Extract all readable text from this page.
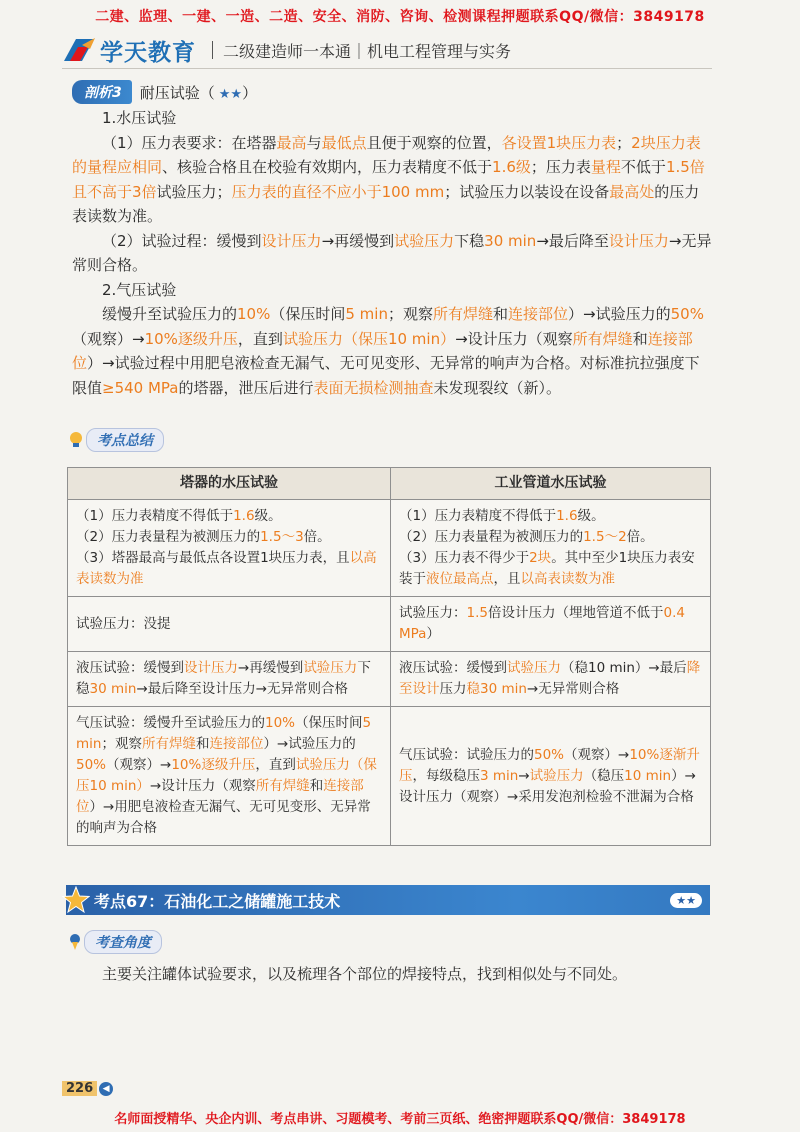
二建、监理、一建、一造、二造、安全、消防、咨询、检测课程押题联系QQ/微信：3849178
学天教育 二级建造师一本通｜机电工程管理与实务
剖析3	耐压试验（ ★★）

1.水压试验

（1）压力表要求：在塔器最高与最低点且便于观察的位置，各设置1块压力表；2块压力表的量程应相同、核验合格且在校验有效期内，压力表精度不低于1.6级；压力表量程不低于1.5倍且不高于3倍试验压力；压力表的直径不应小于100 mm；试验压力以装设在设备最高处的压力表读数为准。

（2）试验过程：缓慢到设计压力→再缓慢到试验压力下稳30 min→最后降至设计压力→无异常则合格。

2.气压试验

缓慢升至试验压力的10%（保压时间5 min；观察所有焊缝和连接部位）→试验压力的50%（观察）→10%逐级升压，直到试验压力（保压10 min）→设计压力（观察所有焊缝和连接部位）→试验过程中用肥皂液检查无漏气、无可见变形、无异常的响声为合格。对标准抗拉强度下限值≥540 MPa的塔器，泄压后进行表面无损检测抽查未发现裂纹（新）。

考点总结
塔器的水压试验	工业管道水压试验
（1）压力表精度不得低于1.6级。
（2）压力表量程为被测压力的1.5～3倍。
（3）塔器最高与最低点各设置1块压力表，且以高表读数为准	（1）压力表精度不得低于1.6级。
（2）压力表量程为被测压力的1.5～2倍。
（3）压力表不得少于2块。其中至少1块压力表安装于液位最高点，且以高表读数为准
试验压力：没提	试验压力：1.5倍设计压力（埋地管道不低于0.4 MPa）
液压试验：缓慢到设计压力→再缓慢到试验压力下稳30 min→最后降至设计压力→无异常则合格	液压试验：缓慢到试验压力（稳10 min）→最后降至设计压力稳30 min→无异常则合格
气压试验：缓慢升至试验压力的10%（保压时间5 min；观察所有焊缝和连接部位）→试验压力的50%（观察）→10%逐级升压，直到试验压力（保压10 min）→设计压力（观察所有焊缝和连接部位）→用肥皂液检查无漏气、无可见变形、无异常的响声为合格	气压试验：试验压力的50%（观察）→10%逐渐升压，每级稳压3 min→试验压力（稳压10 min）→设计压力（观察）→采用发泡剂检验不泄漏为合格
考点67：石油化工之储罐施工技术	★★
考查角度
主要关注罐体试验要求，以及梳理各个部位的焊接特点，找到相似处与不同处。
226	◀
名师面授精华、央企内训、考点串讲、习题模考、考前三页纸、绝密押题联系QQ/微信：3849178
